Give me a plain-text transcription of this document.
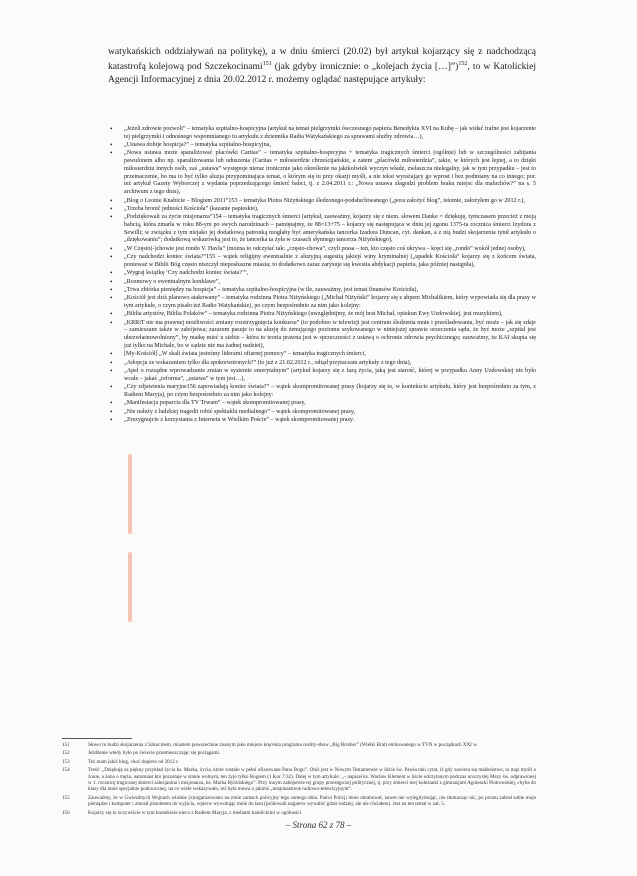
watykańskich oddziaływań na politykę), a w dniu śmierci (20.02) był artykuł kojarzący się z nadchodzącą katastrofą kolejową pod Szczekocinami$^{151}$ (jak gdyby ironicznie: o „kolejach życia […]”)$^{152}$, to w Katolickiej Agencji Informacyjnej z dnia 20.02.2012 r. możemy oglądać następujące artykuły:

• „Jeżeli zdrowie pozwoli” – tematyka szpitalno-hospicyjna (artykuł na temat pielgrzymki ówczesnego papieża Benedykta XVI na Kubę – jak widać trafne jest kojarzenie tej pielgrzymki i odnośnego wspomnianego tu artykułu z dziennika Radia Watykańskiego za sprawami służby zdrowia…),
• „Ustawa dobije hospicja?” – tematyka szpitalno-hospicyjna,
• „Nowa ustawa może sparaliżować placówki Caritas” – tematyka szpitalno-hospicyjna + tematyka tragicznych śmierci (ogólnie) lub w szczególności zabijania pawulonem albo np. sparaliżowania lub uduszenia (Caritas = miłosierdzie chrześcijańskie, a zatem „placówki miłosierdzia”, takie, w których jest lepiej, a to dzięki miłosierdziu innych osób, zaś „ustawa” występuje nieraz ironicznie jako określenie na jakikolwiek wyczyn władz, zwłaszcza nielegalny, jak w tym przypadku – jest to przeinaczenie, bo ma to być tylko aluzja przypominająca temat, o którym się tu przy okazji myśli, a nie tekst wyrażający go wprost i bez podmiany na co innego; por. też artykuł Gazety Wyborczej z wydania poprzedzającego śmierć babci, tj. z 2.04.2011 r.: „Nowa ustawa złagodzi problem braku miejsc dla maluchów?” na s. 5 archiwum z tego dnia),
• „Blog o Leonie Knabicie – Blogiem 2011”153 – tematyka Piotra Niżyńskiego śledzonego-podsłuchiwanego („pora założyć blog”, istotnie, założyłem go w 2012 r.),
• „Trzeba bronić jedności Kościoła” (kazanie papieskie),
• „Podziękowali za życie misjonarza”154 – tematyka tragicznych śmierci (artykuł, zauważmy, kojarzy się z niem. słowem Danke = dziękuję, tymczasem przecież z moją babcią, która zmarła w roku 88-ym po swych narodzinach – pamiętajmy, że 88=13+75 – kojarzy się następująca w dniu jej zgonu 1375-ta rocznica śmierci Izydora z Sewilli; w związku z tym niejako jej dodatkową patronką mogłaby być amerykańska tancerka Izadora Duncan, cyt. dankan, a z nią budzi skojarzenia tytuł artykułu o „dziękowaniu”; dodatkową wskazówką jest to, że tancerka ta żyła w czasach słynnego tancerza Niżyńskiego),
• „W Często(-)chowie jest rondo V. Havla” (można to odczytać tak: „często-chowa”, czyli prasa – ten, kto często coś ukrywa – kręci się „rondo” wokół jednej osoby),
• „Czy nadchodzi koniec świata?”155 – wątek religijny ewentualnie z aluzyjną sugestią jakiejś winy kryminalnej („upadek Kościoła” kojarzy się z końcem świata, ponieważ w Biblii Bóg często niszczył nieposłuszne miasta; to dodatkowo zaraz zarysuje się kwestia abdykacji papieża, jaka później nastąpiła),
• „Wygraj książkę ‘Czy nadchodzi koniec świata?’”,
• „Rozmowy o ewentualnym konklawe”,
• „Trwa zbiórka pieniędzy na hospicja” – tematyka szpitalno-hospicyjna (w tle, zauważmy, jest temat finansów Kościoła),
• „Kościół jest dziś planowo atakowany” – tematyka rodzinna Piotra Niżyńskiego („Michał Niżyński” kojarzy się z abpem Michalikiem, który wypowiada się dla prasy w tym artykule, o czym pisało też Radio Watykańskie), po czym bezpośrednio za nim jako kolejny:
• „Biblia artystów, Biblia Polaków” – tematyka rodzinna Piotra Niżyńskiego (uwzględnijmy, że mój brat Michał, opiekun Ewy Uzdowskiej, jest muzykiem),
• „KRRiT nie ma prawnej możliwości zmiany rozstrzygnięcia konkursu” (to podobno w telewizji jest centrum śledzenia mnie i prześladowania, być może – jak się zdaje – zamieszane także w zabójstwa; zarazem pasuje to na aluzję do żenującego poziomu szykowanego w niniejszej sprawie orzeczenia sądu, że być może „szpital jest ubezwłasnowolniony”, by matkę mieć u siebie – która to teoria prawna jest w sprzeczności z ustawą o ochronie zdrowia psychicznego; zauważmy, że KAI skupia się już tylko na Michale, bo w sądzie nie ma żadnej nadziei),
• [My-Kościół] „W skali świata jesteśmy liderami ofiarnej pomocy” – tematyka tragicznych śmierci,
• „Adopcja ze wskazaniem tylko dla spokrewnionych?” (to już z 21.02.2012 r., odtąd przytaczam artykuły z tego dnia),
• „Apel o rozsądne wprowadzanie zmian w systemie emerytalnym” (artykuł kojarzy się z fazą życia, jaką jest starość, której w przypadku Anny Uzdowskiej nie było wcale – jakaś „reforma”, „ustawa” w tym jest…),
• „Czy zdjawienia maryjne156 zapowiadają koniec świata?” – wątek skompromitowanej prasy (kojarzy się to, w kontekście artykułu, który jest bezpośrednio za tym, z Radiem Maryja), po czym bezpośrednio za nim jako kolejny:
• „Manifestacja poparcia dla TV Trwam” – wątek skompromitowanej prasy,
• „Nie należy z ludzkiej tragedii robić spektaklu medialnego” – wątek skompromitowanej prasy,
• „Zrezygnujcie z korzystania z Internetu w Wielkim Poście” – wątek skompromitowanej prasy.
151	Słowo to budzi skojarzenia z Szkocinem, miastem powszechnie znanym jako miejsce kręcenia programu reality-show „Big Brother” (Wielki Brat) emitowanego w TVN w początkach XXI w.
152	Jeżdżenie wtedy było po świecie przemieszczając się pociągami.
153	Też mam jakiś blog, choć dopiero od 2012 r.
154	Treść: „Dziękuję za piękny przykład życia ks. Marka, życia, które zostało w pełni ofiarowane Panu Bogu”. Otóż jest w Nowym Testamencie w liście św. Pawła taki cytat, iż gdy zawiera się małżeństwo, to mąż myśli o żonie, a żona o mężu, natomiast kto pozostaje w stanie wolnym, ten żyje tylko Bogiem (1 Kor 7:32). Dalej w tym artykule: „– napisał ks. Wacław Klement w liście odczytanym podczas uroczystej Mszy św. odprawionej w 1. rocznicę tragicznej śmierci salezjanina i misjonarza, ks. Marka Rybińskiego”. Przy innym zabójstwie tej grupy przestępczej politycznej, tj. przy śmierci mej koleżanki z gimnazjum Agnieszki Piotrowskiej, chyba do klasy dla mnie specjalnie podrzuconej, na co wiele wskazywało, też była mowa o jakimś „misjonarstwie radiowo-telewizyjnym”.
155	Zauważmy, że w Gwiezdnych Wojnach właśnie (z)organizowano na mnie zamach policyjny tego samego dnia. Patrol Policji mnie obrabował, nawet nie wylegitymując, nie tłumacząc nic, po prostu zabrał sobie moje pieniądze i komputer i zmusił pistoletem do wyjścia, wpierw wywołując mnie do lasu (próbowali najpierw wywabić gdzie indziej, ale nie chciałem). Jest na ten temat w zał. 5.
156	Kojarzy się to oczywiście w tym kontekście nieco z Radiem Maryja, z mediami katolickimi w ogólności.
– Strona 62 z 78 –
